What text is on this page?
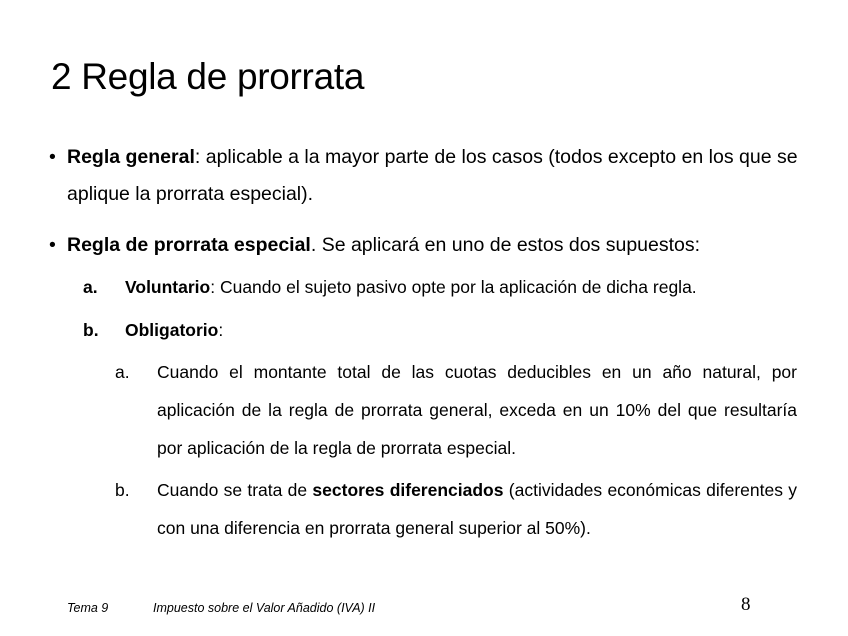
2 Regla de prorrata
• Regla general: aplicable a la mayor parte de los casos (todos excepto en los que se aplique la prorrata especial).
• Regla de prorrata especial. Se aplicará en uno de estos dos supuestos:
a. Voluntario: Cuando el sujeto pasivo opte por la aplicación de dicha regla.
b. Obligatorio:
a. Cuando el montante total de las cuotas deducibles en un año natural, por aplicación de la regla de prorrata general, exceda en un 10% del que resultaría por aplicación de la regla de prorrata especial.
b. Cuando se trata de sectores diferenciados (actividades económicas diferentes y con una diferencia en prorrata general superior al 50%).
Tema 9	Impuesto sobre el Valor Añadido (IVA) II	8
